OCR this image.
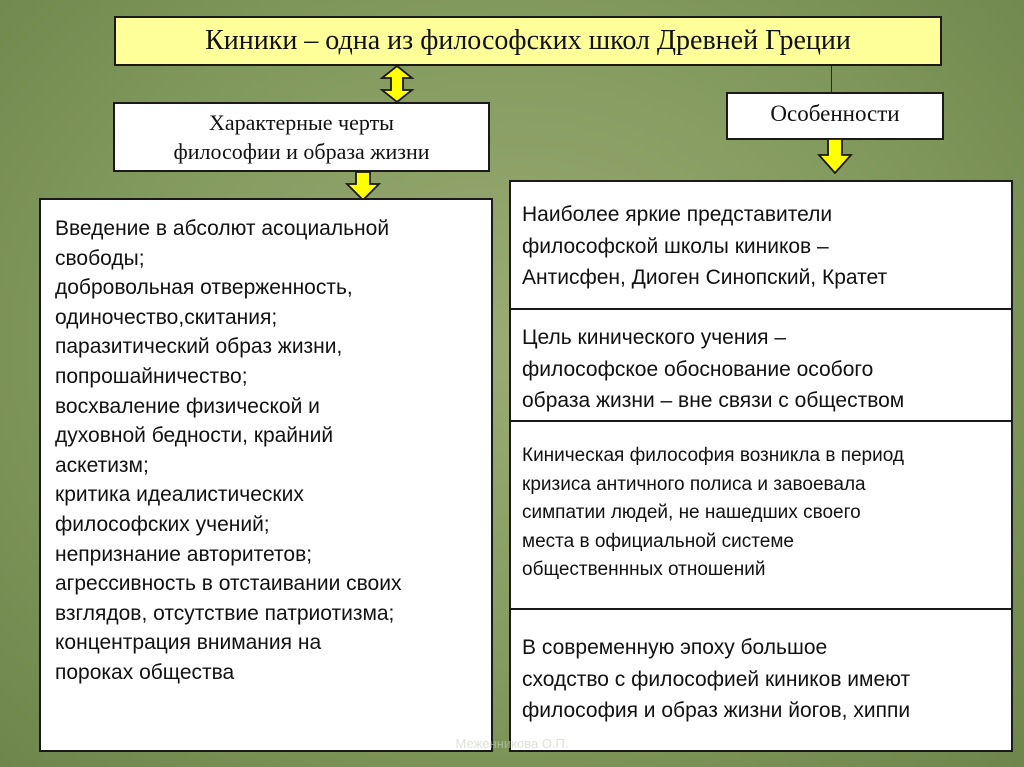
Киники – одна из философских школ Древней Греции
Характерные черты
философии и образа жизни
Особенности
Введение в абсолют асоциальной
свободы;
добровольная отверженность,
одиночество,скитания;
паразитический образ жизни,
попрошайничество;
восхваление физической и
духовной бедности, крайний
аскетизм;
критика идеалистических
философских учений;
непризнание авторитетов;
агрессивность в отстаивании своих
взглядов, отсутствие патриотизма;
концентрация внимания на
пороках общества
Наиболее яркие представители
философской школы киников –
Антисфен, Диоген Синопский, Кратет
Цель кинического учения –
философское обоснование особого
образа жизни – вне связи с обществом
Киническая философия возникла в период
кризиса античного полиса и завоевала
симпатии людей, не нашедших своего
места в официальной системе
общественнных отношений
В современную эпоху большое
сходство с философией киников имеют
философия и образ жизни йогов, хиппи
Меженникова О.П.
